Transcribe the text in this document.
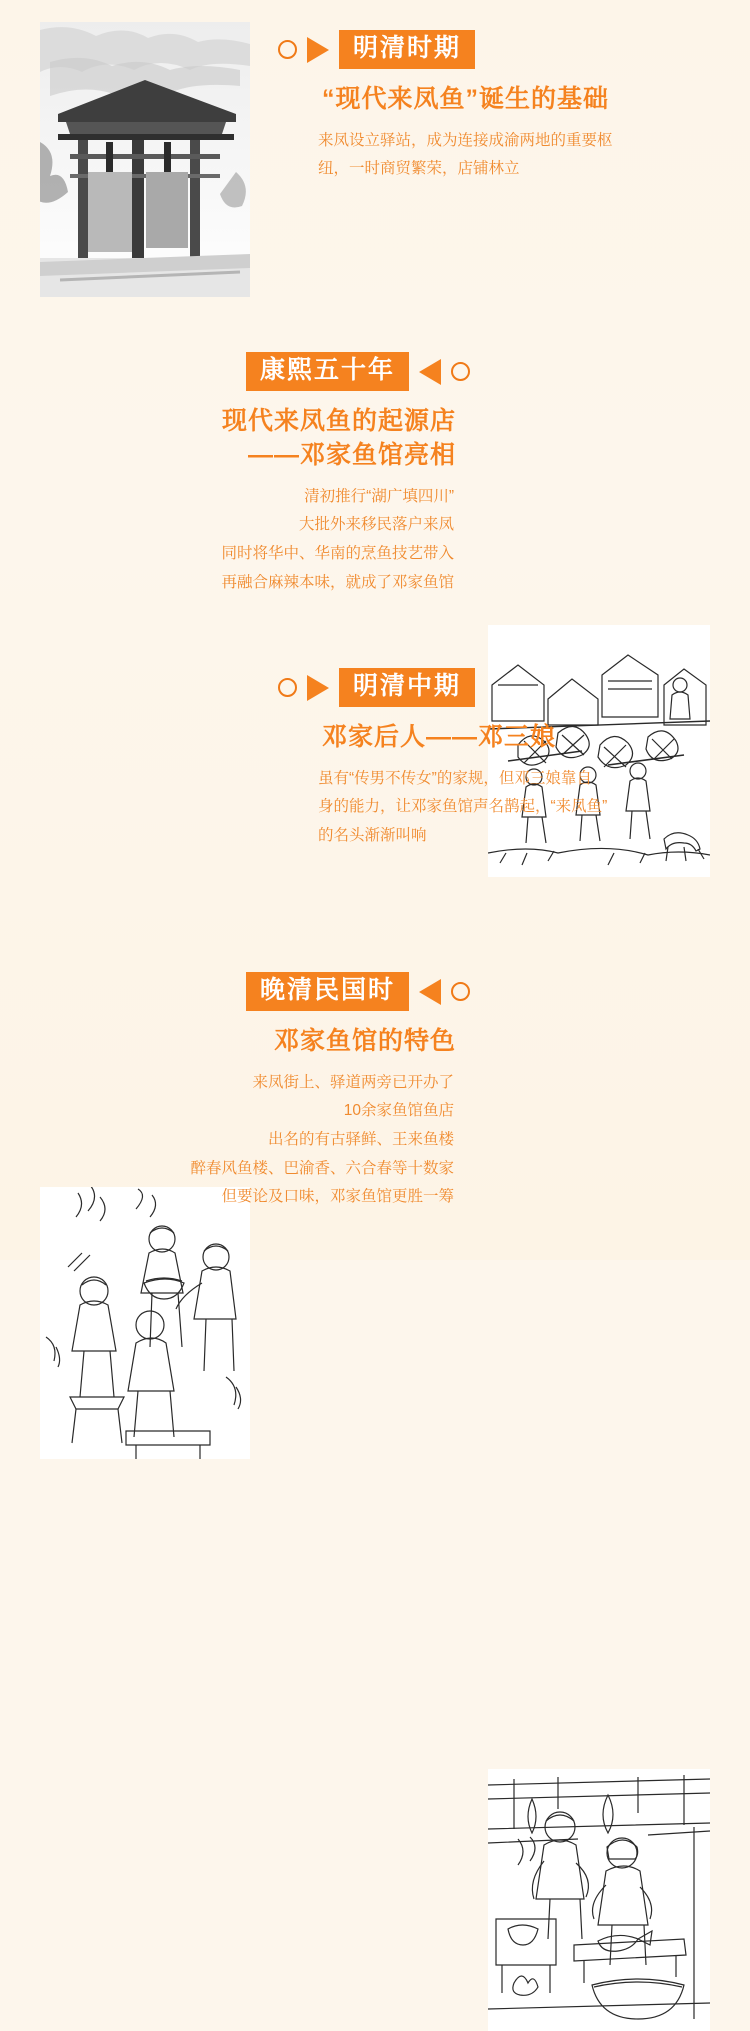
明清时期
“现代来凤鱼”诞生的基础
来凤设立驿站，成为连接成渝两地的重要枢
纽，一时商贸繁荣，店铺林立
康熙五十年
现代来凤鱼的起源店
——邓家鱼馆亮相
清初推行“湖广填四川”
大批外来移民落户来凤
同时将华中、华南的烹鱼技艺带入
再融合麻辣本味，就成了邓家鱼馆
明清中期
邓家后人——邓三娘
虽有“传男不传女”的家规，但邓三娘靠自
身的能力，让邓家鱼馆声名鹊起，“来凤鱼”
的名头渐渐叫响
晚清民国时
邓家鱼馆的特色
来凤街上、驿道两旁已开办了
10余家鱼馆鱼店
出名的有古驿鲜、王来鱼楼
醉春风鱼楼、巴渝香、六合春等十数家
但要论及口味，邓家鱼馆更胜一筹
